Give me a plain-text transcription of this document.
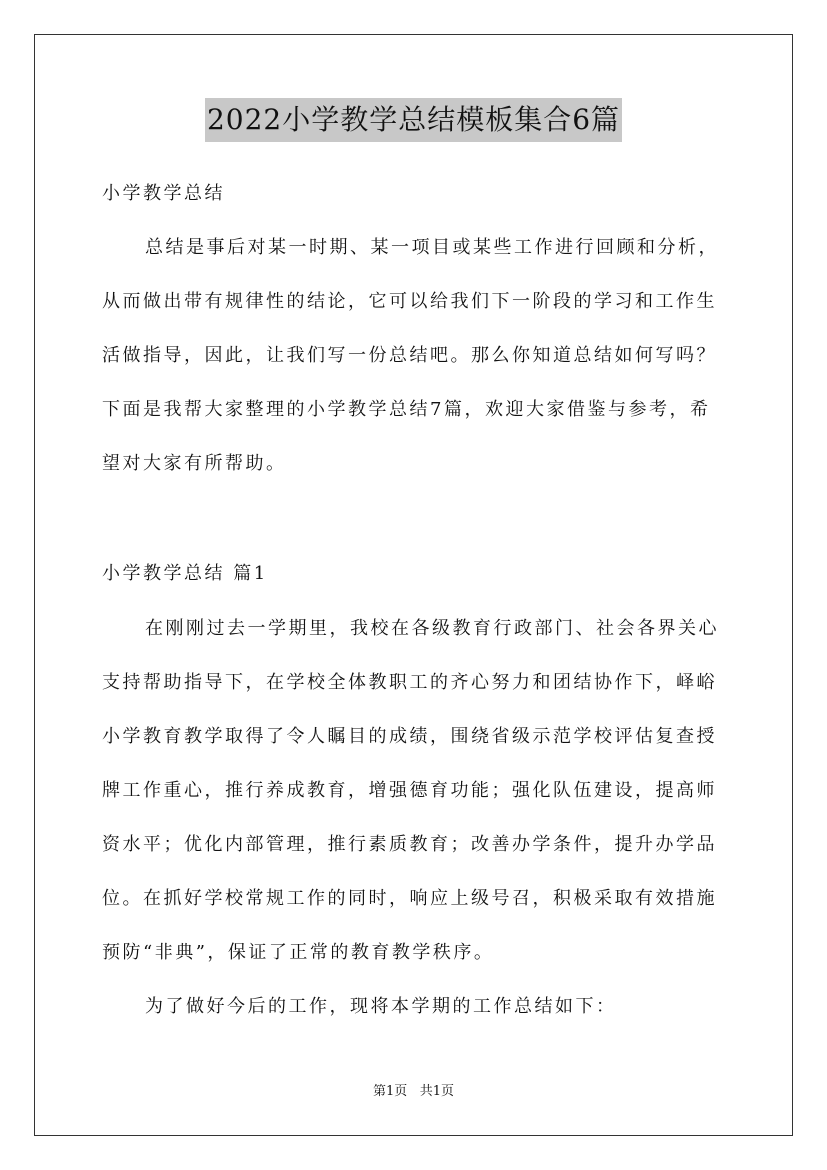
2022小学教学总结模板集合6篇
小学教学总结
总结是事后对某一时期、某一项目或某些工作进行回顾和分析，
从而做出带有规律性的结论，它可以给我们下一阶段的学习和工作生
活做指导，因此，让我们写一份总结吧。那么你知道总结如何写吗？
下面是我帮大家整理的小学教学总结7篇，欢迎大家借鉴与参考，希
望对大家有所帮助。
小学教学总结 篇1
在刚刚过去一学期里，我校在各级教育行政部门、社会各界关心
支持帮助指导下，在学校全体教职工的齐心努力和团结协作下，峄峪
小学教育教学取得了令人瞩目的成绩，围绕省级示范学校评估复查授
牌工作重心，推行养成教育，增强德育功能；强化队伍建设，提高师
资水平；优化内部管理，推行素质教育；改善办学条件，提升办学品
位。在抓好学校常规工作的同时，响应上级号召，积极采取有效措施
预防“非典”，保证了正常的教育教学秩序。
为了做好今后的工作，现将本学期的工作总结如下：
第1页 共1页
